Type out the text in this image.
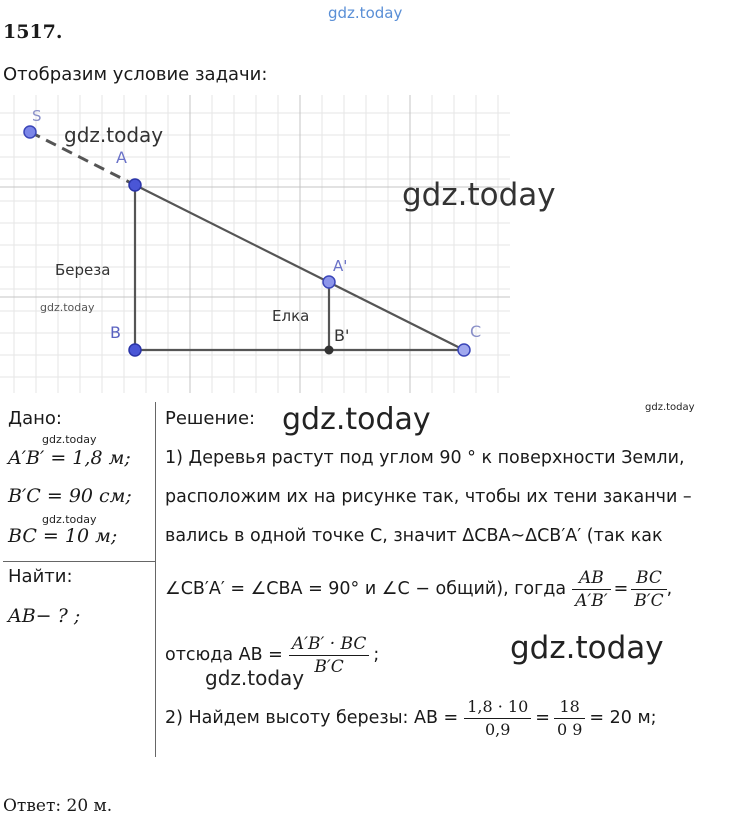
gdz.today
1517.
Отобразим условие задачи:
S
A
A'
B	B'	C
Береза
Елка
gdz.today
gdz.today
gdz.today
Дано:
gdz.today
A′B′ = 1,8 м;
B′C = 90 см;
gdz.today
BC = 10 м;
Найти:
AB− ? ;
Решение: gdz.today	gdz.today
1) Деревья растут под углом 90 ° к поверхности Земли,
расположим их на рисунке так, чтобы их тени заканчи –
вались в одной точке C, значит ΔCBA~ΔCB′A′ (так как
∠CB′A′ = ∠CBA = 90° и ∠C − общий), гогда $\frac{AB}{A'B'} = \frac{BC}{B'C}$ ,
отсюда AB = $\frac{A'B' \cdot BC}{B'C}$ ;	gdz.today
gdz.today
2) Найдем высоту березы: AB = $\frac{1,8 \cdot 10}{0,9} = \frac{18}{0 9} = 20$ м;
Ответ: 20 м.
